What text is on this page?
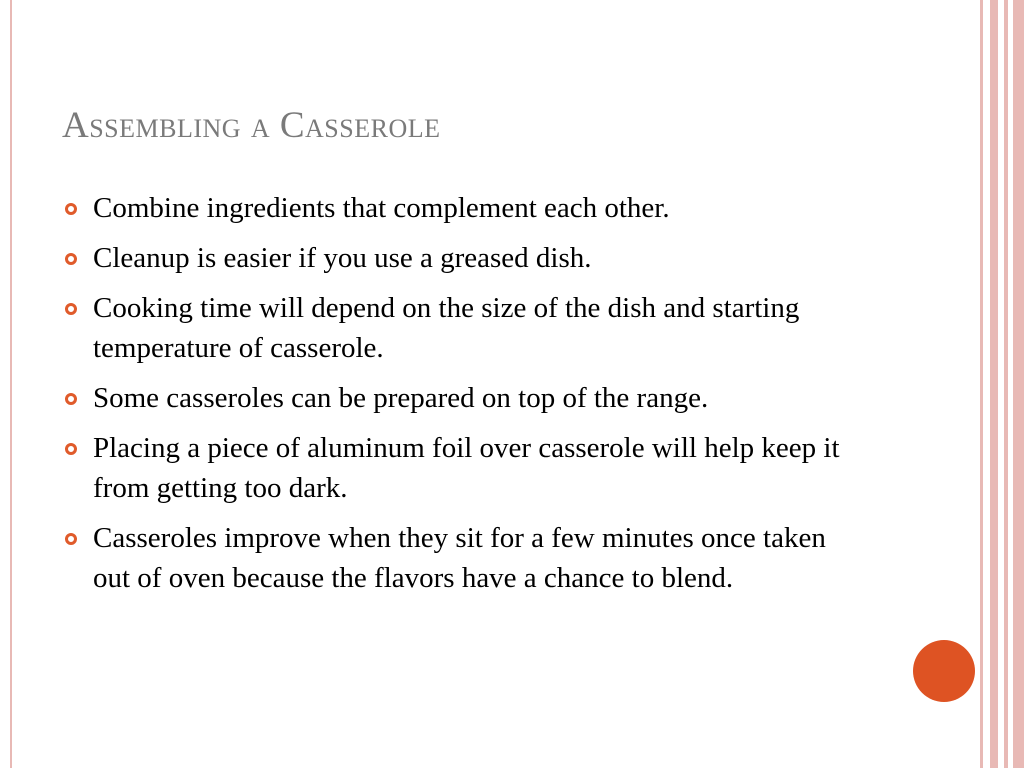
Assembling a Casserole
Combine ingredients that complement each other.
Cleanup is easier if you use a greased dish.
Cooking time will depend on the size of the dish and starting temperature of casserole.
Some casseroles can be prepared on top of the range.
Placing a piece of aluminum foil over casserole will help keep it from getting too dark.
Casseroles improve when they sit for a few minutes once taken out of oven because the flavors have a chance to blend.
